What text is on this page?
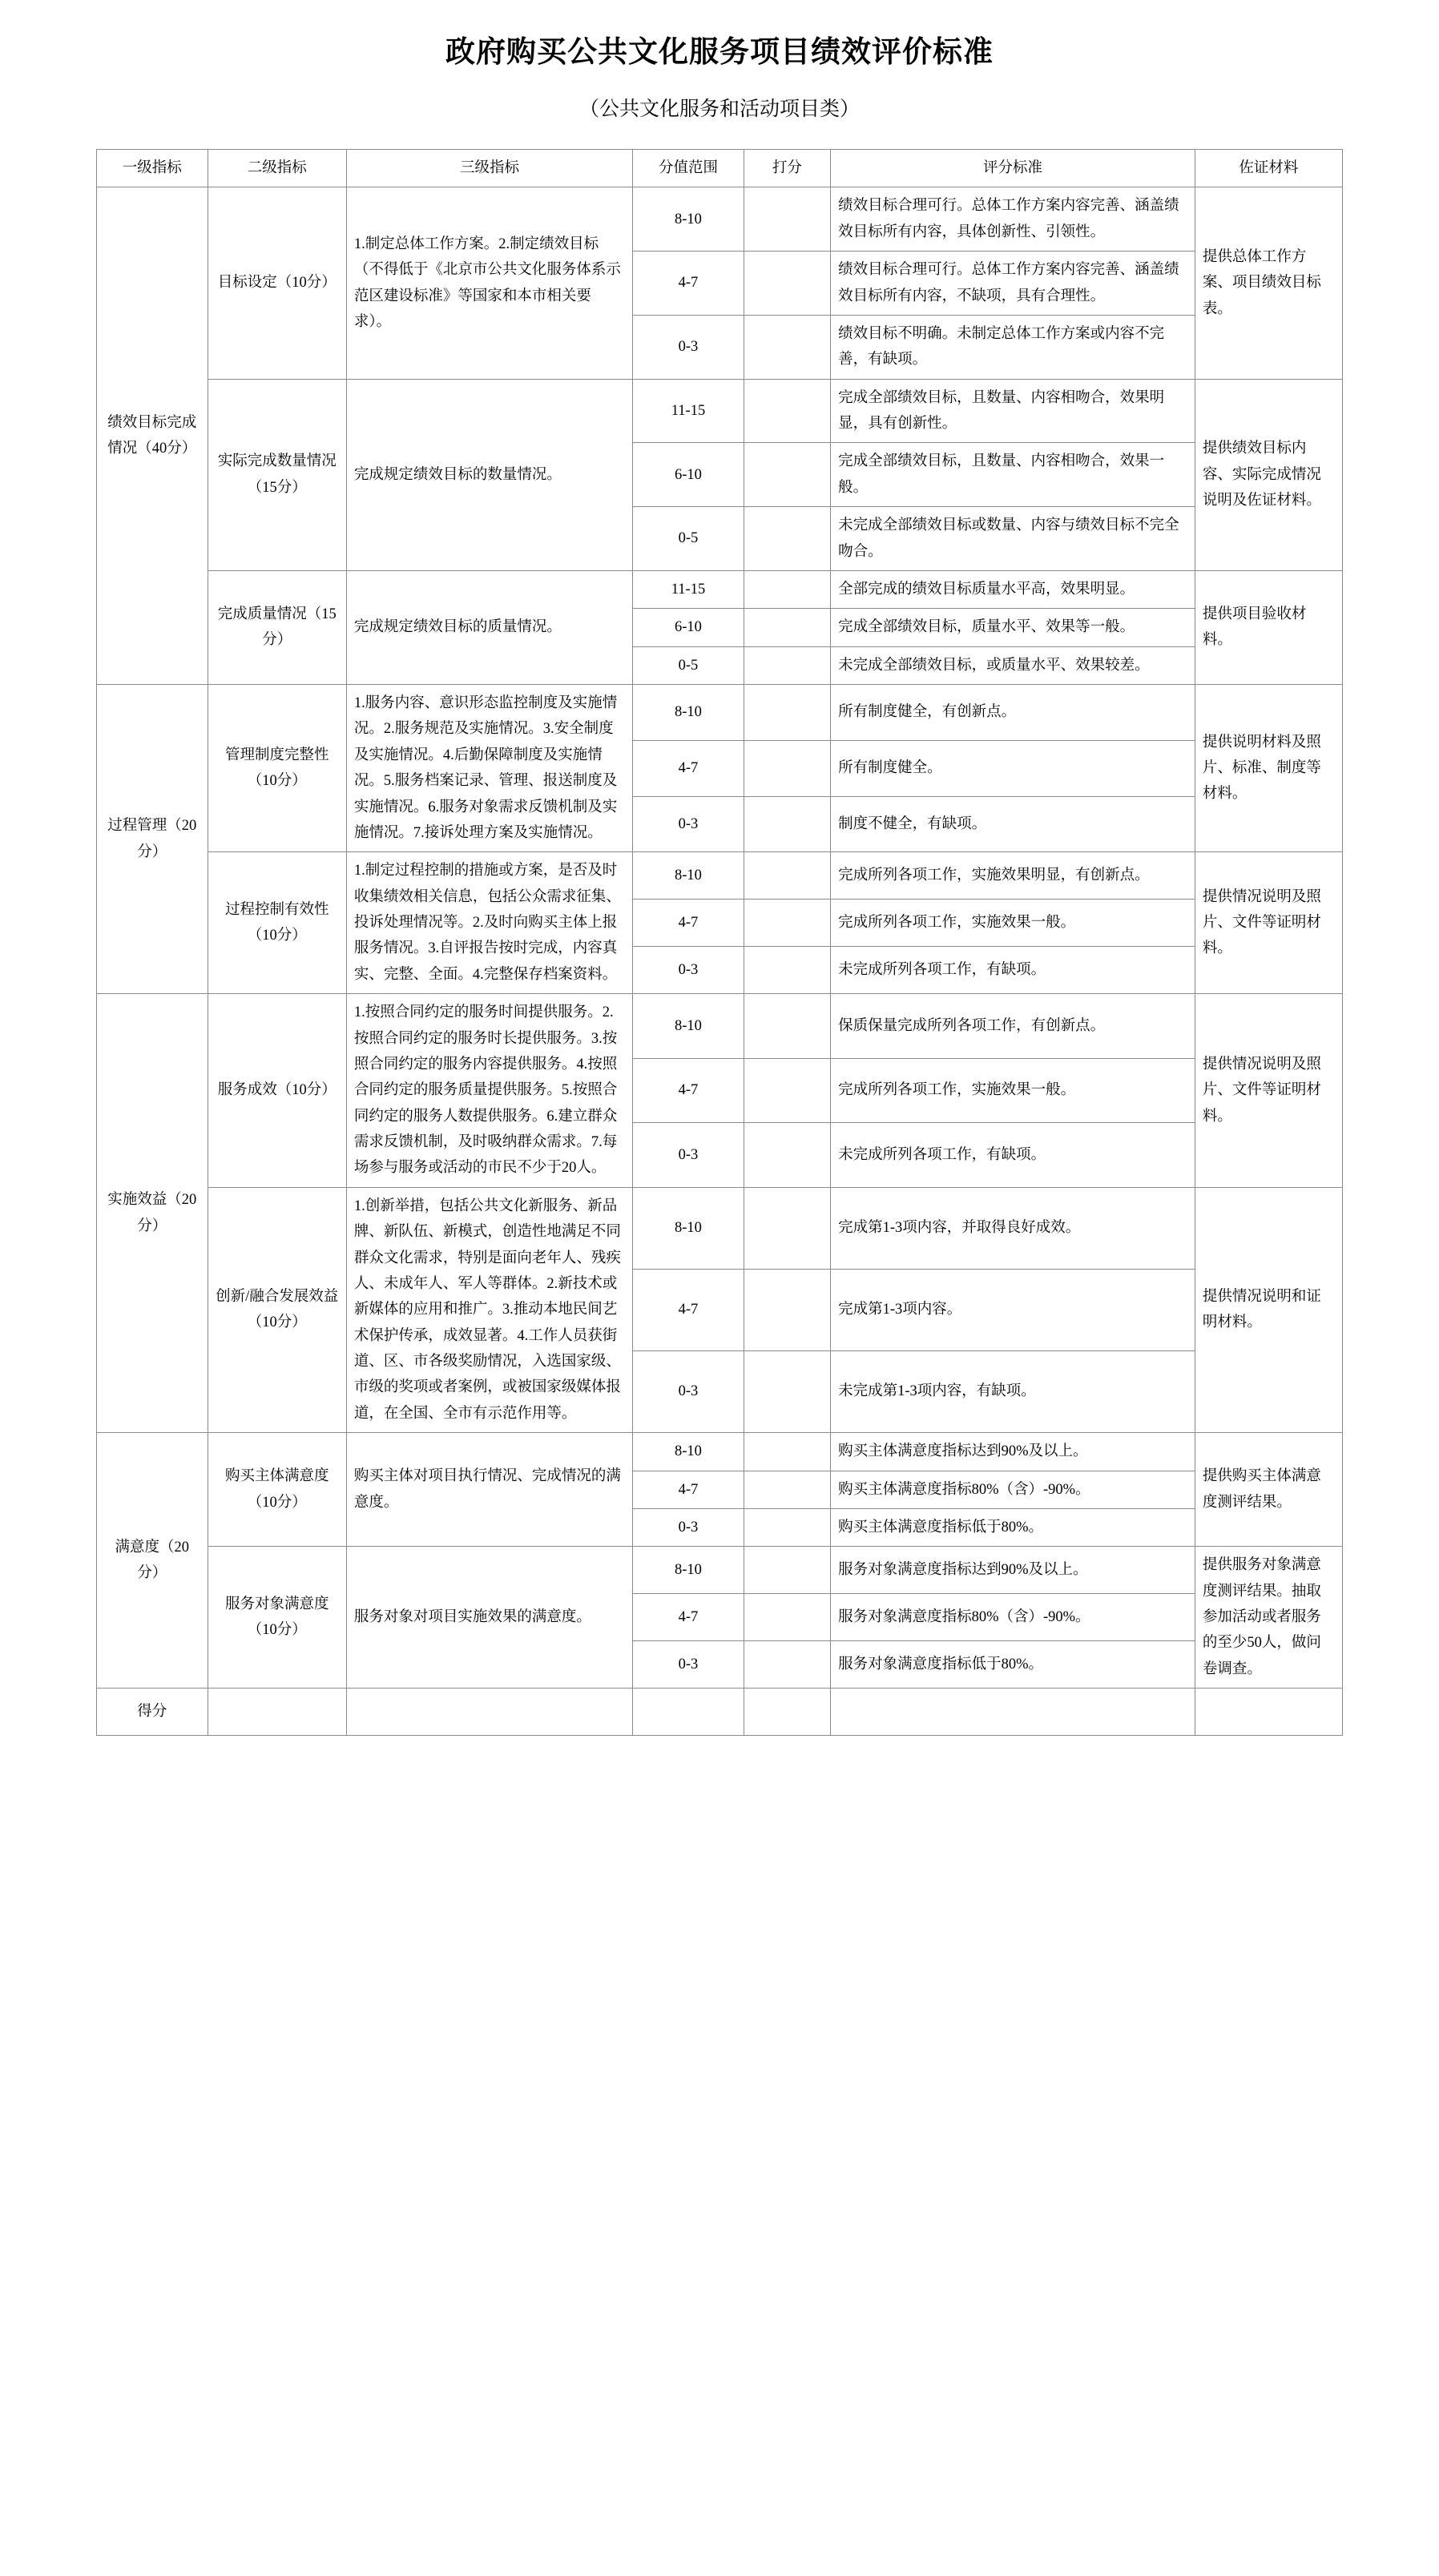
政府购买公共文化服务项目绩效评价标准
（公共文化服务和活动项目类）
一级指标	二级指标	三级指标	分值范围	打分	评分标准	佐证材料
绩效目标完成情况（40分）	目标设定（10分）	1.制定总体工作方案。2.制定绩效目标（不得低于《北京市公共文化服务体系示范区建设标准》等国家和本市相关要求）。	8-10		绩效目标合理可行。总体工作方案内容完善、涵盖绩效目标所有内容，具体创新性、引领性。	提供总体工作方案、项目绩效目标表。
			4-7		绩效目标合理可行。总体工作方案内容完善、涵盖绩效目标所有内容，不缺项，具有合理性。	
			0-3		绩效目标不明确。未制定总体工作方案或内容不完善，有缺项。	
	实际完成数量情况（15分）	完成规定绩效目标的数量情况。	11-15		完成全部绩效目标，且数量、内容相吻合，效果明显，具有创新性。	提供绩效目标内容、实际完成情况说明及佐证材料。
			6-10		完成全部绩效目标，且数量、内容相吻合，效果一般。	
			0-5		未完成全部绩效目标或数量、内容与绩效目标不完全吻合。	
	完成质量情况（15分）	完成规定绩效目标的质量情况。	11-15		全部完成的绩效目标质量水平高，效果明显。	提供项目验收材料。
			6-10		完成全部绩效目标，质量水平、效果等一般。	
			0-5		未完成全部绩效目标，或质量水平、效果较差。	
过程管理（20分）	管理制度完整性（10分）	1.服务内容、意识形态监控制度及实施情况。2.服务规范及实施情况。3.安全制度及实施情况。4.后勤保障制度及实施情况。5.服务档案记录、管理、报送制度及实施情况。6.服务对象需求反馈机制及实施情况。7.接诉处理方案及实施情况。	8-10		所有制度健全，有创新点。	提供说明材料及照片、标准、制度等材料。
			4-7		所有制度健全。	
			0-3		制度不健全，有缺项。	
	过程控制有效性（10分）	1.制定过程控制的措施或方案，是否及时收集绩效相关信息，包括公众需求征集、投诉处理情况等。2.及时向购买主体上报服务情况。3.自评报告按时完成，内容真实、完整、全面。4.完整保存档案资料。	8-10		完成所列各项工作，实施效果明显，有创新点。	提供情况说明及照片、文件等证明材料。
			4-7		完成所列各项工作，实施效果一般。	
			0-3		未完成所列各项工作，有缺项。	
实施效益（20分）	服务成效（10分）	1.按照合同约定的服务时间提供服务。2.按照合同约定的服务时长提供服务。3.按照合同约定的服务内容提供服务。4.按照合同约定的服务质量提供服务。5.按照合同约定的服务人数提供服务。6.建立群众需求反馈机制，及时吸纳群众需求。7.每场参与服务或活动的市民不少于20人。	8-10		保质保量完成所列各项工作，有创新点。	提供情况说明及照片、文件等证明材料。
			4-7		完成所列各项工作，实施效果一般。	
			0-3		未完成所列各项工作，有缺项。	
	创新/融合发展效益（10分）	1.创新举措，包括公共文化新服务、新品牌、新队伍、新模式，创造性地满足不同群众文化需求，特别是面向老年人、残疾人、未成年人、军人等群体。2.新技术或新媒体的应用和推广。3.推动本地民间艺术保护传承，成效显著。4.工作人员获街道、区、市各级奖励情况，入选国家级、市级的奖项或者案例，或被国家级媒体报道，在全国、全市有示范作用等。	8-10		完成第1-3项内容，并取得良好成效。	提供情况说明和证明材料。
			4-7		完成第1-3项内容。	
			0-3		未完成第1-3项内容，有缺项。	
满意度（20分）	购买主体满意度（10分）	购买主体对项目执行情况、完成情况的满意度。	8-10		购买主体满意度指标达到90%及以上。	提供购买主体满意度测评结果。
			4-7		购买主体满意度指标80%（含）-90%。	
			0-3		购买主体满意度指标低于80%。	
	服务对象满意度（10分）	服务对象对项目实施效果的满意度。	8-10		服务对象满意度指标达到90%及以上。	提供服务对象满意度测评结果。抽取参加活动或者服务的至少50人，做问卷调查。
			4-7		服务对象满意度指标80%（含）-90%。	
			0-3		服务对象满意度指标低于80%。	
得分						
